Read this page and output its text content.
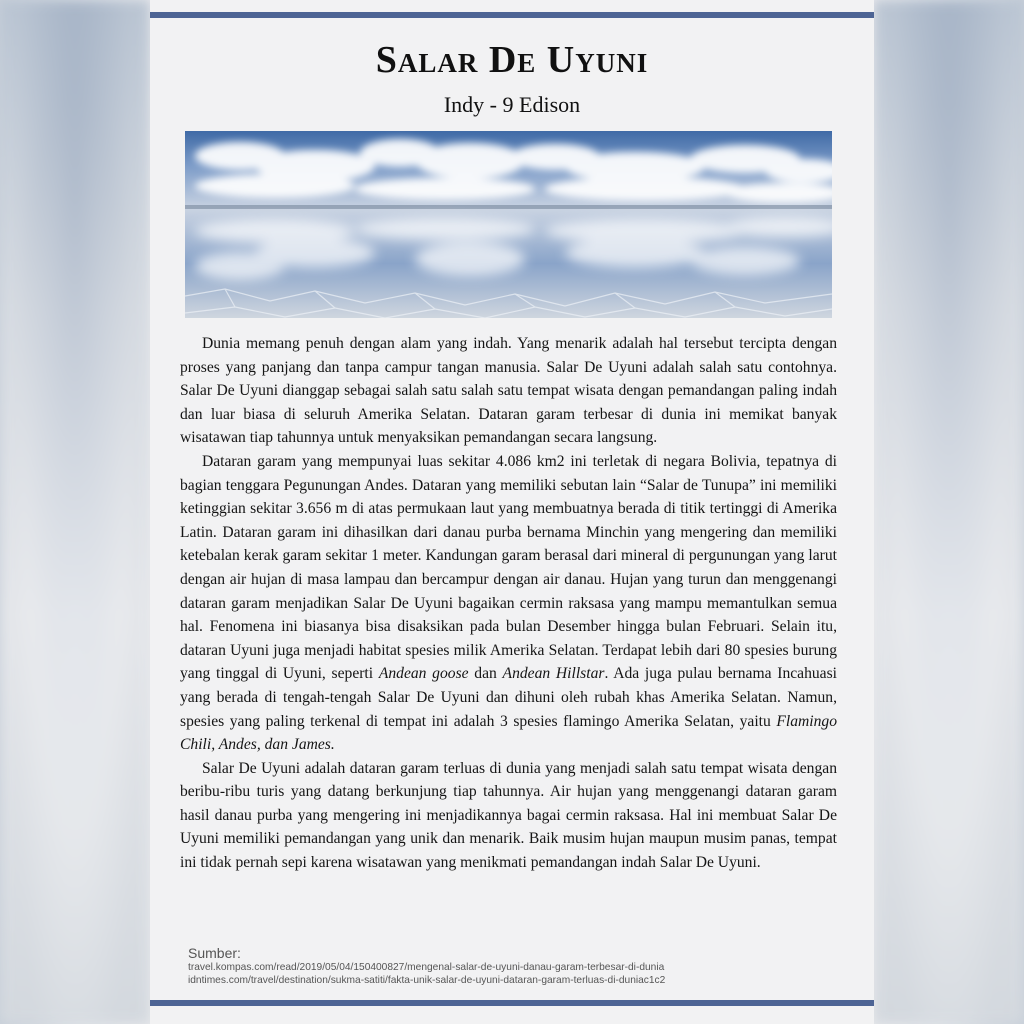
Salar De Uyuni
Indy - 9 Edison

Dunia memang penuh dengan alam yang indah. Yang menarik adalah hal tersebut tercipta dengan proses yang panjang dan tanpa campur tangan manusia. Salar De Uyuni adalah salah satu contohnya. Salar De Uyuni dianggap sebagai salah satu salah satu tempat wisata dengan pemandangan paling indah dan luar biasa di seluruh Amerika Selatan. Dataran garam terbesar di dunia ini memikat banyak wisatawan tiap tahunnya untuk menyaksikan pemandangan secara langsung.

Dataran garam yang mempunyai luas sekitar 4.086 km2 ini terletak di negara Bolivia, tepatnya di bagian tenggara Pegunungan Andes. Dataran yang memiliki sebutan lain “Salar de Tunupa” ini memiliki ketinggian sekitar 3.656 m di atas permukaan laut yang membuatnya berada di titik tertinggi di Amerika Latin. Dataran garam ini dihasilkan dari danau purba bernama Minchin yang mengering dan memiliki ketebalan kerak garam sekitar 1 meter. Kandungan garam berasal dari mineral di pergunungan yang larut dengan air hujan di masa lampau dan bercampur dengan air danau. Hujan yang turun dan menggenangi dataran garam menjadikan Salar De Uyuni bagaikan cermin raksasa yang mampu memantulkan semua hal. Fenomena ini biasanya bisa disaksikan pada bulan Desember hingga bulan Februari. Selain itu, dataran Uyuni juga menjadi habitat spesies milik Amerika Selatan. Terdapat lebih dari 80 spesies burung yang tinggal di Uyuni, seperti Andean goose dan Andean Hillstar. Ada juga pulau bernama Incahuasi yang berada di tengah-tengah Salar De Uyuni dan dihuni oleh rubah khas Amerika Selatan. Namun, spesies yang paling terkenal di tempat ini adalah 3 spesies flamingo Amerika Selatan, yaitu Flamingo Chili, Andes, dan James.

Salar De Uyuni adalah dataran garam terluas di dunia yang menjadi salah satu tempat wisata dengan beribu-ribu turis yang datang berkunjung tiap tahunnya. Air hujan yang menggenangi dataran garam hasil danau purba yang mengering ini menjadikannya bagai cermin raksasa. Hal ini membuat Salar De Uyuni memiliki pemandangan yang unik dan menarik. Baik musim hujan maupun musim panas, tempat ini tidak pernah sepi karena wisatawan yang menikmati pemandangan indah Salar De Uyuni.

Sumber:
travel.kompas.com/read/2019/05/04/150400827/mengenal-salar-de-uyuni-danau-garam-terbesar-di-dunia
idntimes.com/travel/destination/sukma-satiti/fakta-unik-salar-de-uyuni-dataran-garam-terluas-di-duniac1c2
